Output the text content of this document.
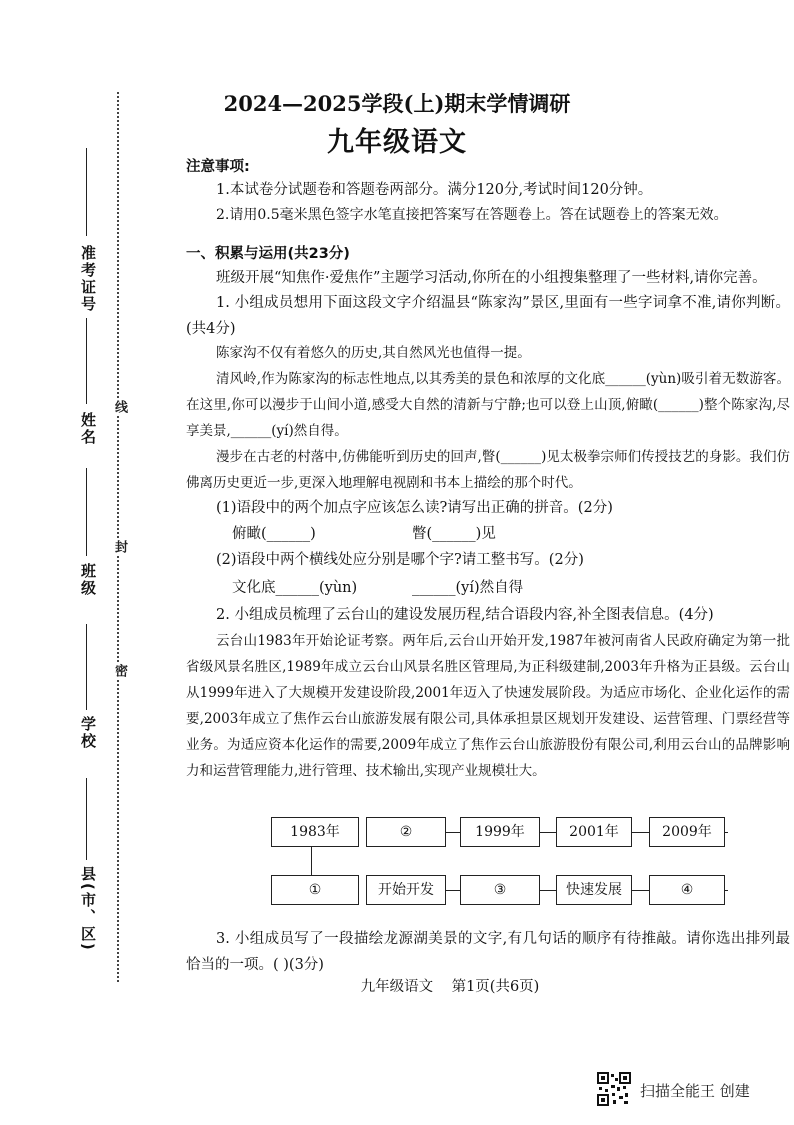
准考证号
姓名
班级
学校
县(市、区)
线
封
密
2024—2025学段(上)期末学情调研
九年级语文
注意事项:
1.本试卷分试题卷和答题卷两部分。满分120分,考试时间120分钟。
2.请用0.5毫米黑色签字水笔直接把答案写在答题卷上。答在试题卷上的答案无效。
一、积累与运用(共23分)
班级开展“知焦作·爱焦作”主题学习活动,你所在的小组搜集整理了一些材料,请你完善。
1. 小组成员想用下面这段文字介绍温县“陈家沟”景区,里面有一些字词拿不准,请你判断。(共4分)
陈家沟不仅有着悠久的历史,其自然风光也值得一提。
清风岭,作为陈家沟的标志性地点,以其秀美的景色和浓厚的文化底______(yùn)吸引着无数游客。在这里,你可以漫步于山间小道,感受大自然的清新与宁静;也可以登上山顶,俯瞰(______)整个陈家沟,尽享美景,______(yí)然自得。
漫步在古老的村落中,仿佛能听到历史的回声,瞥(______)见太极拳宗师们传授技艺的身影。我们仿佛离历史更近一步,更深入地理解电视剧和书本上描绘的那个时代。
(1)语段中的两个加点字应该怎么读?请写出正确的拼音。(2分)
俯瞰(______)	瞥(______)见
(2)语段中两个横线处应分别是哪个字?请工整书写。(2分)
文化底______(yùn)	______(yí)然自得
2. 小组成员梳理了云台山的建设发展历程,结合语段内容,补全图表信息。(4分)
云台山1983年开始论证考察。两年后,云台山开始开发,1987年被河南省人民政府确定为第一批省级风景名胜区,1989年成立云台山风景名胜区管理局,为正科级建制,2003年升格为正县级。云台山从1999年进入了大规模开发建设阶段,2001年迈入了快速发展阶段。为适应市场化、企业化运作的需要,2003年成立了焦作云台山旅游发展有限公司,具体承担景区规划开发建设、运营管理、门票经营等业务。为适应资本化运作的需要,2009年成立了焦作云台山旅游股份有限公司,利用云台山的品牌影响力和运营管理能力,进行管理、技术输出,实现产业规模壮大。
1983年	②	1999年	2001年	2009年
①	开始开发	③	快速发展	④
3. 小组成员写了一段描绘龙源湖美景的文字,有几句话的顺序有待推敲。请你选出排列最恰当的一项。( )(3分)
九年级语文    第1页(共6页)
扫描全能王 创建
